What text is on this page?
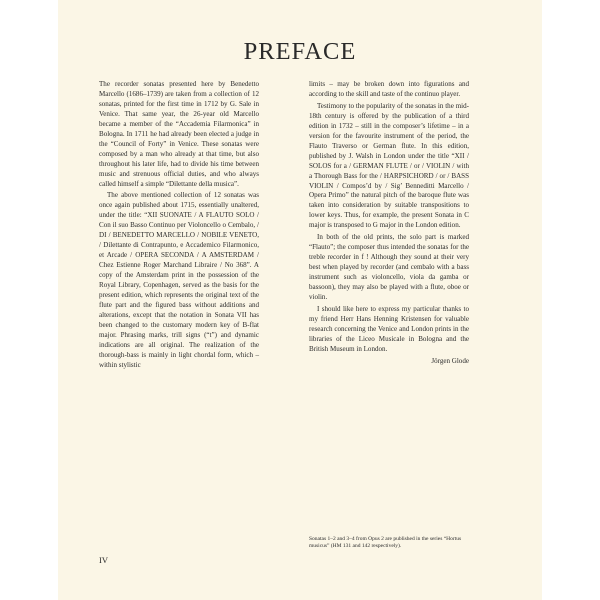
PREFACE

The recorder sonatas presented here by Benedetto Marcello (1686–1739) are taken from a collection of 12 sonatas, printed for the first time in 1712 by G. Sale in Venice. That same year, the 26-year old Marcello became a member of the “Accademia Filarmonica” in Bologna. In 1711 he had already been elected a judge in the “Council of Forty” in Venice. These sonatas were composed by a man who already at that time, but also throughout his later life, had to divide his time between music and strenuous official duties, and who always called himself a simple “Dilettante della musica”.

The above mentioned collection of 12 sonatas was once again published about 1715, essentially unaltered, under the title: “XII SUONATE / A FLAUTO SOLO / Con il suo Basso Continuo per Violoncello o Cembalo, / DI / BENEDETTO MARCELLO / NOBILE VENETO, / Dilettante di Contrapunto, e Accademico Filarmonico, et Arcade / OPERA SECONDA / A AMSTERDAM / Chez Estienne Roger Marchand Libraire / No 368”. A copy of the Amsterdam print in the possession of the Royal Library, Copenhagen, served as the basis for the present edition, which represents the original text of the flute part and the figured bass without additions and alterations, except that the notation in Sonata VII has been changed to the customary modern key of B-flat major. Phrasing marks, trill signs (“t”) and dynamic indications are all original. The realization of the thorough-bass is mainly in light chordal form, which – within stylistic

limits – may be broken down into figurations and according to the skill and taste of the continuo player.

Testimony to the popularity of the sonatas in the mid-18th century is offered by the publication of a third edition in 1732 – still in the composer’s lifetime – in a version for the favourite instrument of the period, the Flauto Traverso or German flute. In this edition, published by J. Walsh in London under the title “XII / SOLOS for a / GERMAN FLUTE / or / VIOLIN / with a Thorough Bass for the / HARPSICHORD / or / BASS VIOLIN / Compos’d by / Sig’ Benneditti Marcello / Opera Primo” the natural pitch of the baroque flute was taken into consideration by suitable transpositions to lower keys. Thus, for example, the present Sonata in C major is transposed to G major in the London edition.

In both of the old prints, the solo part is marked “Flauto”; the composer thus intended the sonatas for the treble recorder in f ! Although they sound at their very best when played by recorder (and cembalo with a bass instrument such as violoncello, viola da gamba or bassoon), they may also be played with a flute, oboe or violin.

I should like here to express my particular thanks to my friend Herr Hans Henning Kristensen for valuable research concerning the Venice and London prints in the libraries of the Liceo Musicale in Bologna and the British Museum in London.

Jörgen Glode

Sonatas 1–2 and 3–4 from Opus 2 are published in the series “Hortus musicus” (HM 131 and 142 respectively).
IV
